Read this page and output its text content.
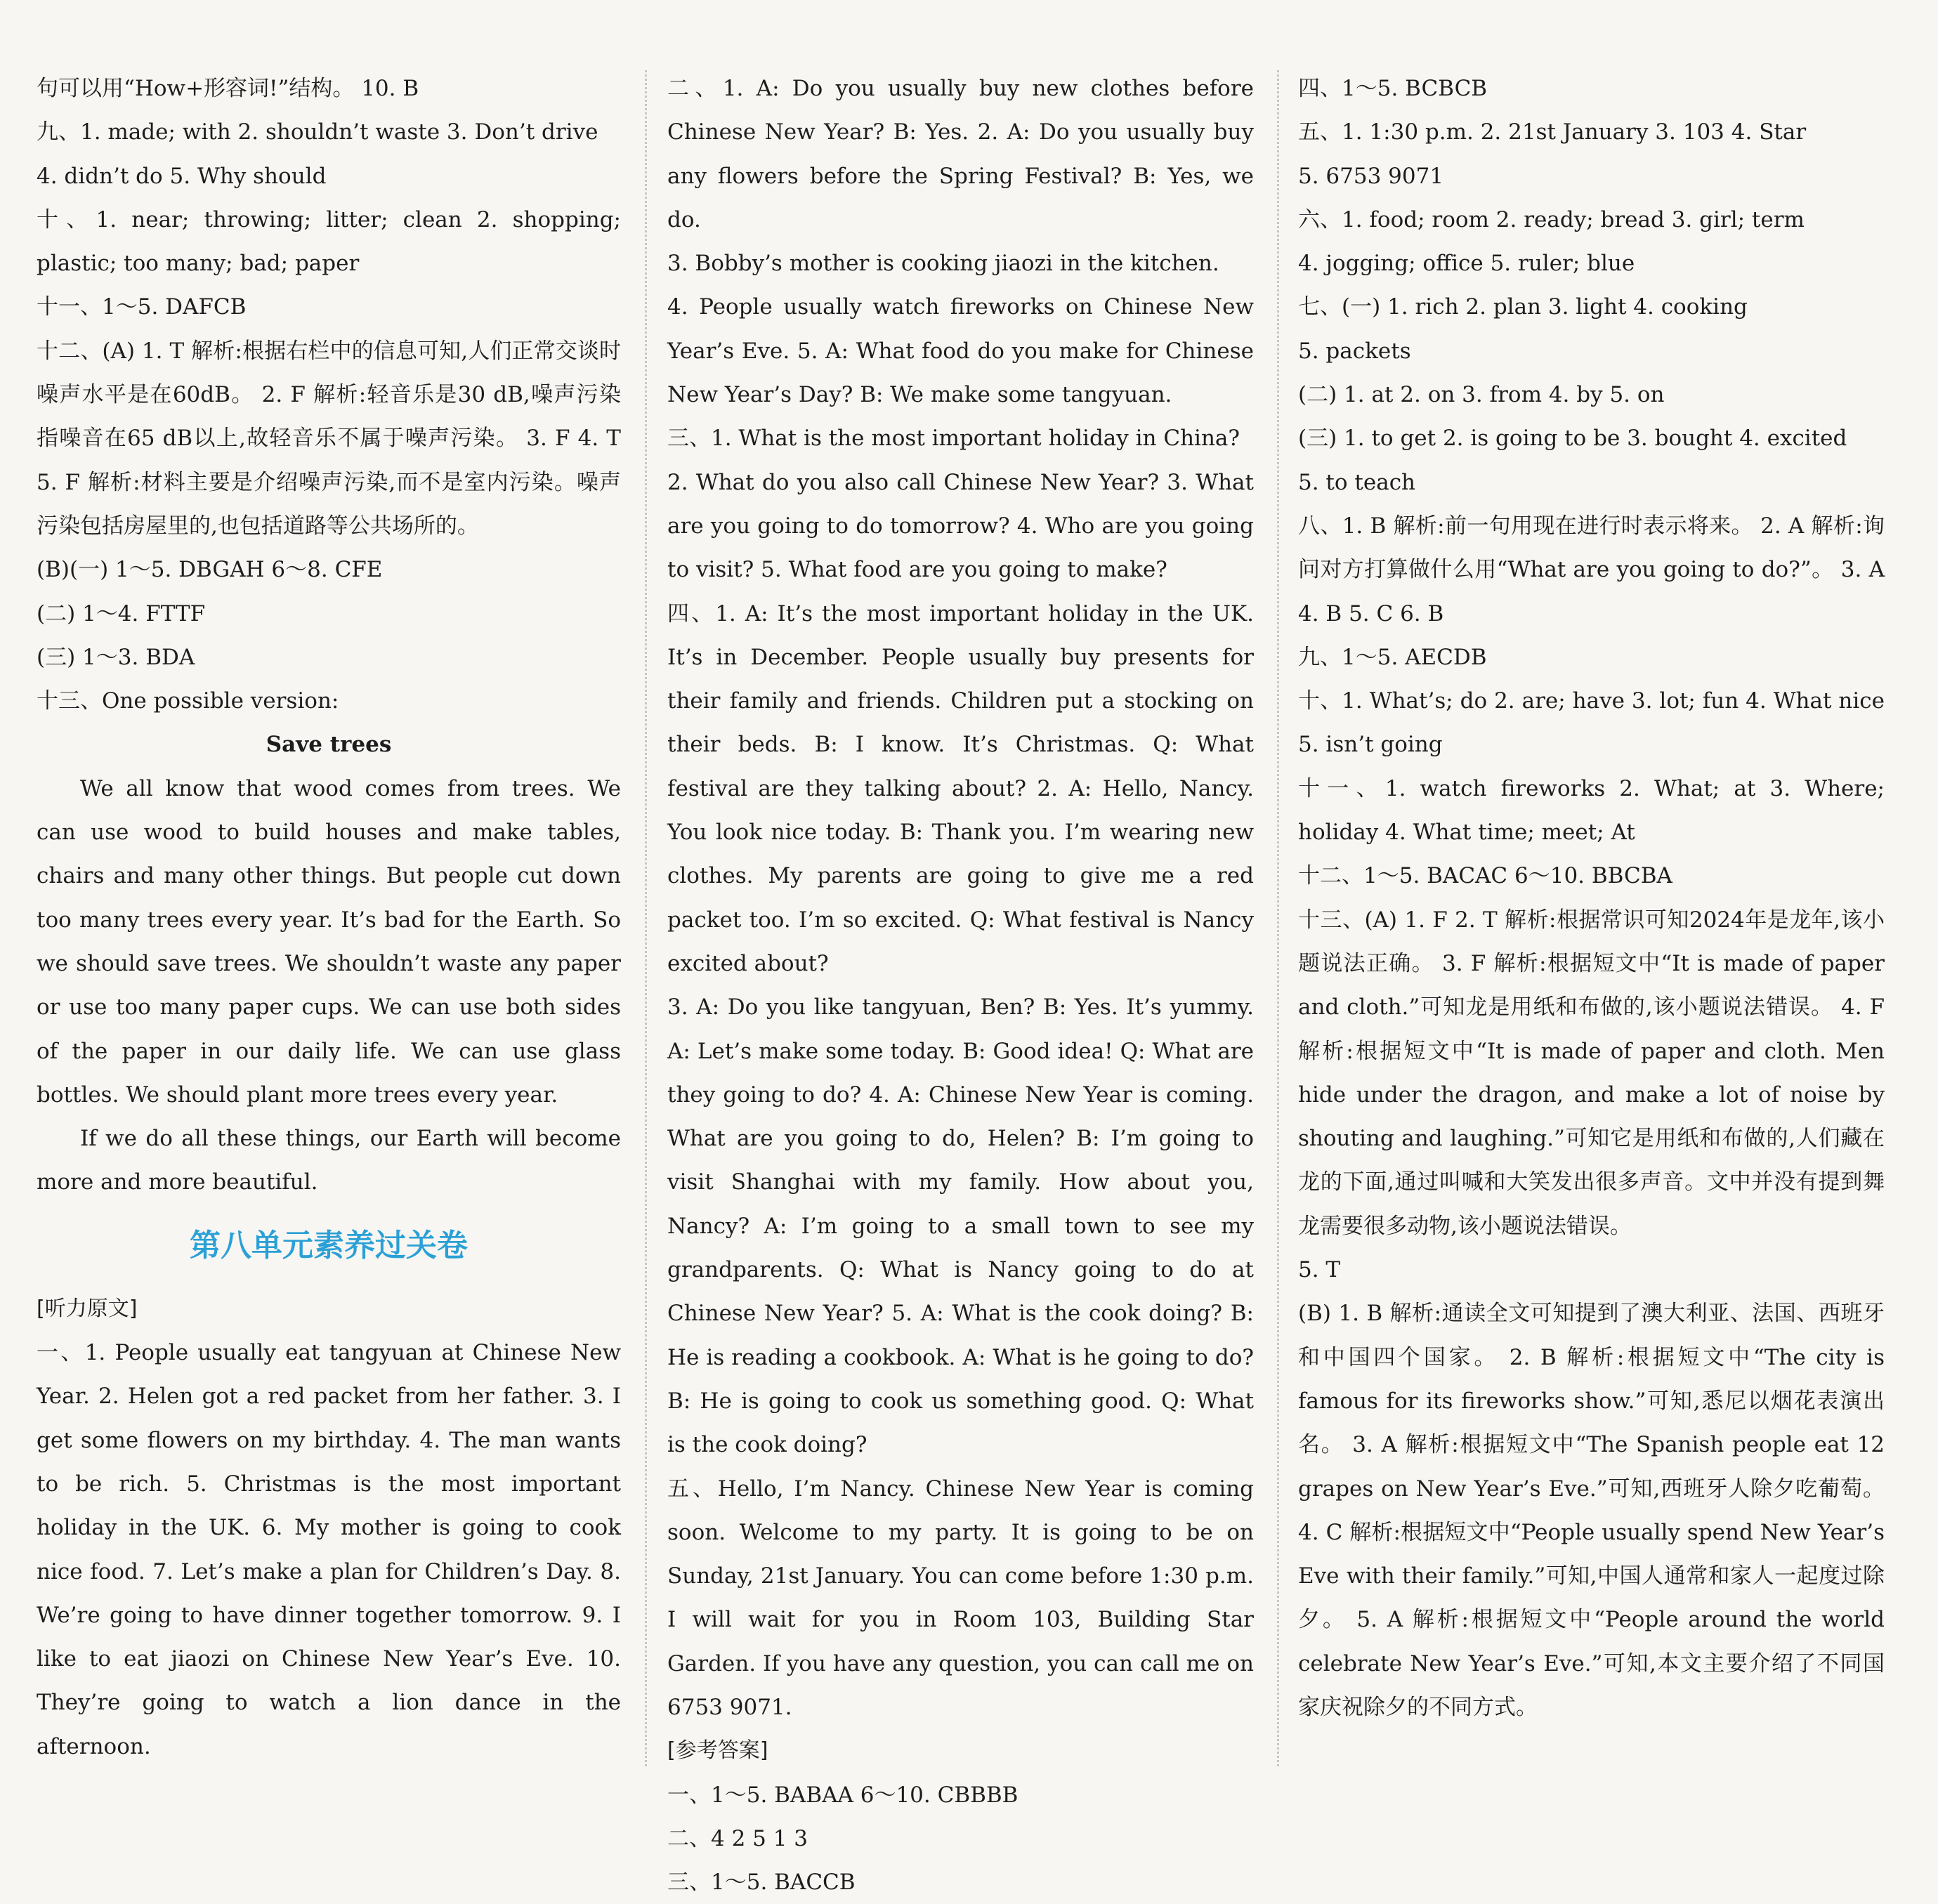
句可以用“How+形容词!”结构。 10. B

九、1. made; with 2. shouldn’t waste 3. Don’t drive

4. didn’t do 5. Why should

十、1. near; throwing; litter; clean 2. shopping; plastic; too many; bad; paper

十一、1～5. DAFCB

十二、(A) 1. T 解析:根据右栏中的信息可知,人们正常交谈时噪声水平是在60dB。 2. F 解析:轻音乐是30 dB,噪声污染指噪音在65 dB以上,故轻音乐不属于噪声污染。 3. F 4. T 5. F 解析:材料主要是介绍噪声污染,而不是室内污染。噪声污染包括房屋里的,也包括道路等公共场所的。

(B)(一) 1～5. DBGAH 6～8. CFE

(二) 1～4. FTTF

(三) 1～3. BDA

十三、One possible version:

Save trees

We all know that wood comes from trees. We can use wood to build houses and make tables, chairs and many other things. But people cut down too many trees every year. It’s bad for the Earth. So we should save trees. We shouldn’t waste any paper or use too many paper cups. We can use both sides of the paper in our daily life. We can use glass bottles. We should plant more trees every year.

If we do all these things, our Earth will become more and more beautiful.

第八单元素养过关卷

[听力原文]

一、1. People usually eat tangyuan at Chinese New Year. 2. Helen got a red packet from her father. 3. I get some flowers on my birthday. 4. The man wants to be rich. 5. Christmas is the most important holiday in the UK. 6. My mother is going to cook nice food. 7. Let’s make a plan for Children’s Day. 8. We’re going to have dinner together tomorrow. 9. I like to eat jiaozi on Chinese New Year’s Eve. 10. They’re going to watch a lion dance in the afternoon.

二、1. A: Do you usually buy new clothes before Chinese New Year? B: Yes. 2. A: Do you usually buy any flowers before the Spring Festival? B: Yes, we do.

3. Bobby’s mother is cooking jiaozi in the kitchen.

4. People usually watch fireworks on Chinese New Year’s Eve. 5. A: What food do you make for Chinese New Year’s Day? B: We make some tangyuan.

三、1. What is the most important holiday in China?

2. What do you also call Chinese New Year? 3. What are you going to do tomorrow? 4. Who are you going to visit? 5. What food are you going to make?

四、1. A: It’s the most important holiday in the UK. It’s in December. People usually buy presents for their family and friends. Children put a stocking on their beds. B: I know. It’s Christmas. Q: What festival are they talking about? 2. A: Hello, Nancy. You look nice today. B: Thank you. I’m wearing new clothes. My parents are going to give me a red packet too. I’m so excited. Q: What festival is Nancy excited about?

3. A: Do you like tangyuan, Ben? B: Yes. It’s yummy. A: Let’s make some today. B: Good idea! Q: What are they going to do? 4. A: Chinese New Year is coming. What are you going to do, Helen? B: I’m going to visit Shanghai with my family. How about you, Nancy? A: I’m going to a small town to see my grandparents. Q: What is Nancy going to do at Chinese New Year? 5. A: What is the cook doing? B: He is reading a cookbook. A: What is he going to do? B: He is going to cook us something good. Q: What is the cook doing?

五、Hello, I’m Nancy. Chinese New Year is coming soon. Welcome to my party. It is going to be on Sunday, 21st January. You can come before 1:30 p.m. I will wait for you in Room 103, Building Star Garden. If you have any question, you can call me on 6753 9071.

[参考答案]

一、1～5. BABAA 6～10. CBBBB

二、4 2 5 1 3

三、1～5. BACCB

四、1～5. BCBCB

五、1. 1:30 p.m. 2. 21st January 3. 103 4. Star

5. 6753 9071

六、1. food; room 2. ready; bread 3. girl; term

4. jogging; office 5. ruler; blue

七、(一) 1. rich 2. plan 3. light 4. cooking

5. packets

(二) 1. at 2. on 3. from 4. by 5. on

(三) 1. to get 2. is going to be 3. bought 4. excited

5. to teach

八、1. B 解析:前一句用现在进行时表示将来。 2. A 解析:询问对方打算做什么用“What are you going to do?”。 3. A 4. B 5. C 6. B

九、1～5. AECDB

十、1. What’s; do 2. are; have 3. lot; fun 4. What nice 5. isn’t going

十一、1. watch fireworks 2. What; at 3. Where; holiday 4. What time; meet; At

十二、1～5. BACAC 6～10. BBCBA

十三、(A) 1. F 2. T 解析:根据常识可知2024年是龙年,该小题说法正确。 3. F 解析:根据短文中“It is made of paper and cloth.”可知龙是用纸和布做的,该小题说法错误。 4. F 解析:根据短文中“It is made of paper and cloth. Men hide under the dragon, and make a lot of noise by shouting and laughing.”可知它是用纸和布做的,人们藏在龙的下面,通过叫喊和大笑发出很多声音。文中并没有提到舞龙需要很多动物,该小题说法错误。

5. T

(B) 1. B 解析:通读全文可知提到了澳大利亚、法国、西班牙和中国四个国家。 2. B 解析:根据短文中“The city is famous for its fireworks show.”可知,悉尼以烟花表演出名。 3. A 解析:根据短文中“The Spanish people eat 12 grapes on New Year’s Eve.”可知,西班牙人除夕吃葡萄。 4. C 解析:根据短文中“People usually spend New Year’s Eve with their family.”可知,中国人通常和家人一起度过除夕。 5. A 解析:根据短文中“People around the world celebrate New Year’s Eve.”可知,本文主要介绍了不同国家庆祝除夕的不同方式。
